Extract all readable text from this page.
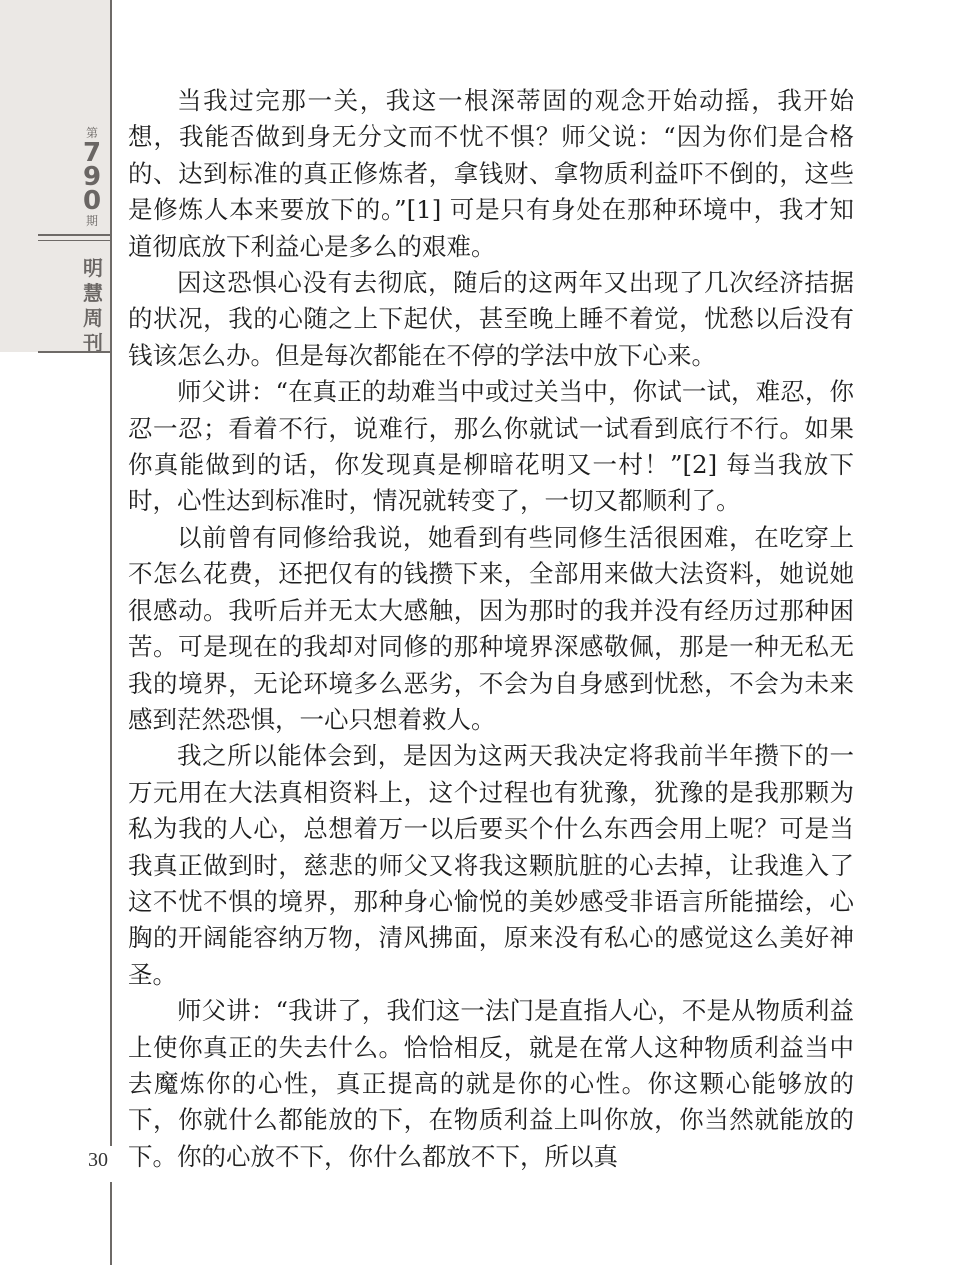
第
7
9
0
期
明
慧
周
刊
30

当我过完那一关，我这一根深蒂固的观念开始动摇，我开始想，我能否做到身无分文而不忧不惧？师父说：“因为你们是合格的、达到标准的真正修炼者，拿钱财、拿物质利益吓不倒的，这些是修炼人本来要放下的。”[1] 可是只有身处在那种环境中，我才知道彻底放下利益心是多么的艰难。

因这恐惧心没有去彻底，随后的这两年又出现了几次经济拮据的状况，我的心随之上下起伏，甚至晚上睡不着觉，忧愁以后没有钱该怎么办。但是每次都能在不停的学法中放下心来。

师父讲：“在真正的劫难当中或过关当中，你试一试，难忍，你忍一忍；看着不行，说难行，那么你就试一试看到底行不行。如果你真能做到的话，你发现真是柳暗花明又一村！”[2] 每当我放下时，心性达到标准时，情况就转变了，一切又都顺利了。

以前曾有同修给我说，她看到有些同修生活很困难，在吃穿上不怎么花费，还把仅有的钱攒下来，全部用来做大法资料，她说她很感动。我听后并无太大感触，因为那时的我并没有经历过那种困苦。可是现在的我却对同修的那种境界深感敬佩，那是一种无私无我的境界，无论环境多么恶劣，不会为自身感到忧愁，不会为未来感到茫然恐惧，一心只想着救人。

我之所以能体会到，是因为这两天我决定将我前半年攒下的一万元用在大法真相资料上，这个过程也有犹豫，犹豫的是我那颗为私为我的人心，总想着万一以后要买个什么东西会用上呢？可是当我真正做到时，慈悲的师父又将我这颗肮脏的心去掉，让我進入了这不忧不惧的境界，那种身心愉悦的美妙感受非语言所能描绘，心胸的开阔能容纳万物，清风拂面，原来没有私心的感觉这么美好神圣。

师父讲：“我讲了，我们这一法门是直指人心，不是从物质利益上使你真正的失去什么。恰恰相反，就是在常人这种物质利益当中去魔炼你的心性，真正提高的就是你的心性。你这颗心能够放的下，你就什么都能放的下，在物质利益上叫你放，你当然就能放的下。你的心放不下，你什么都放不下，所以真
